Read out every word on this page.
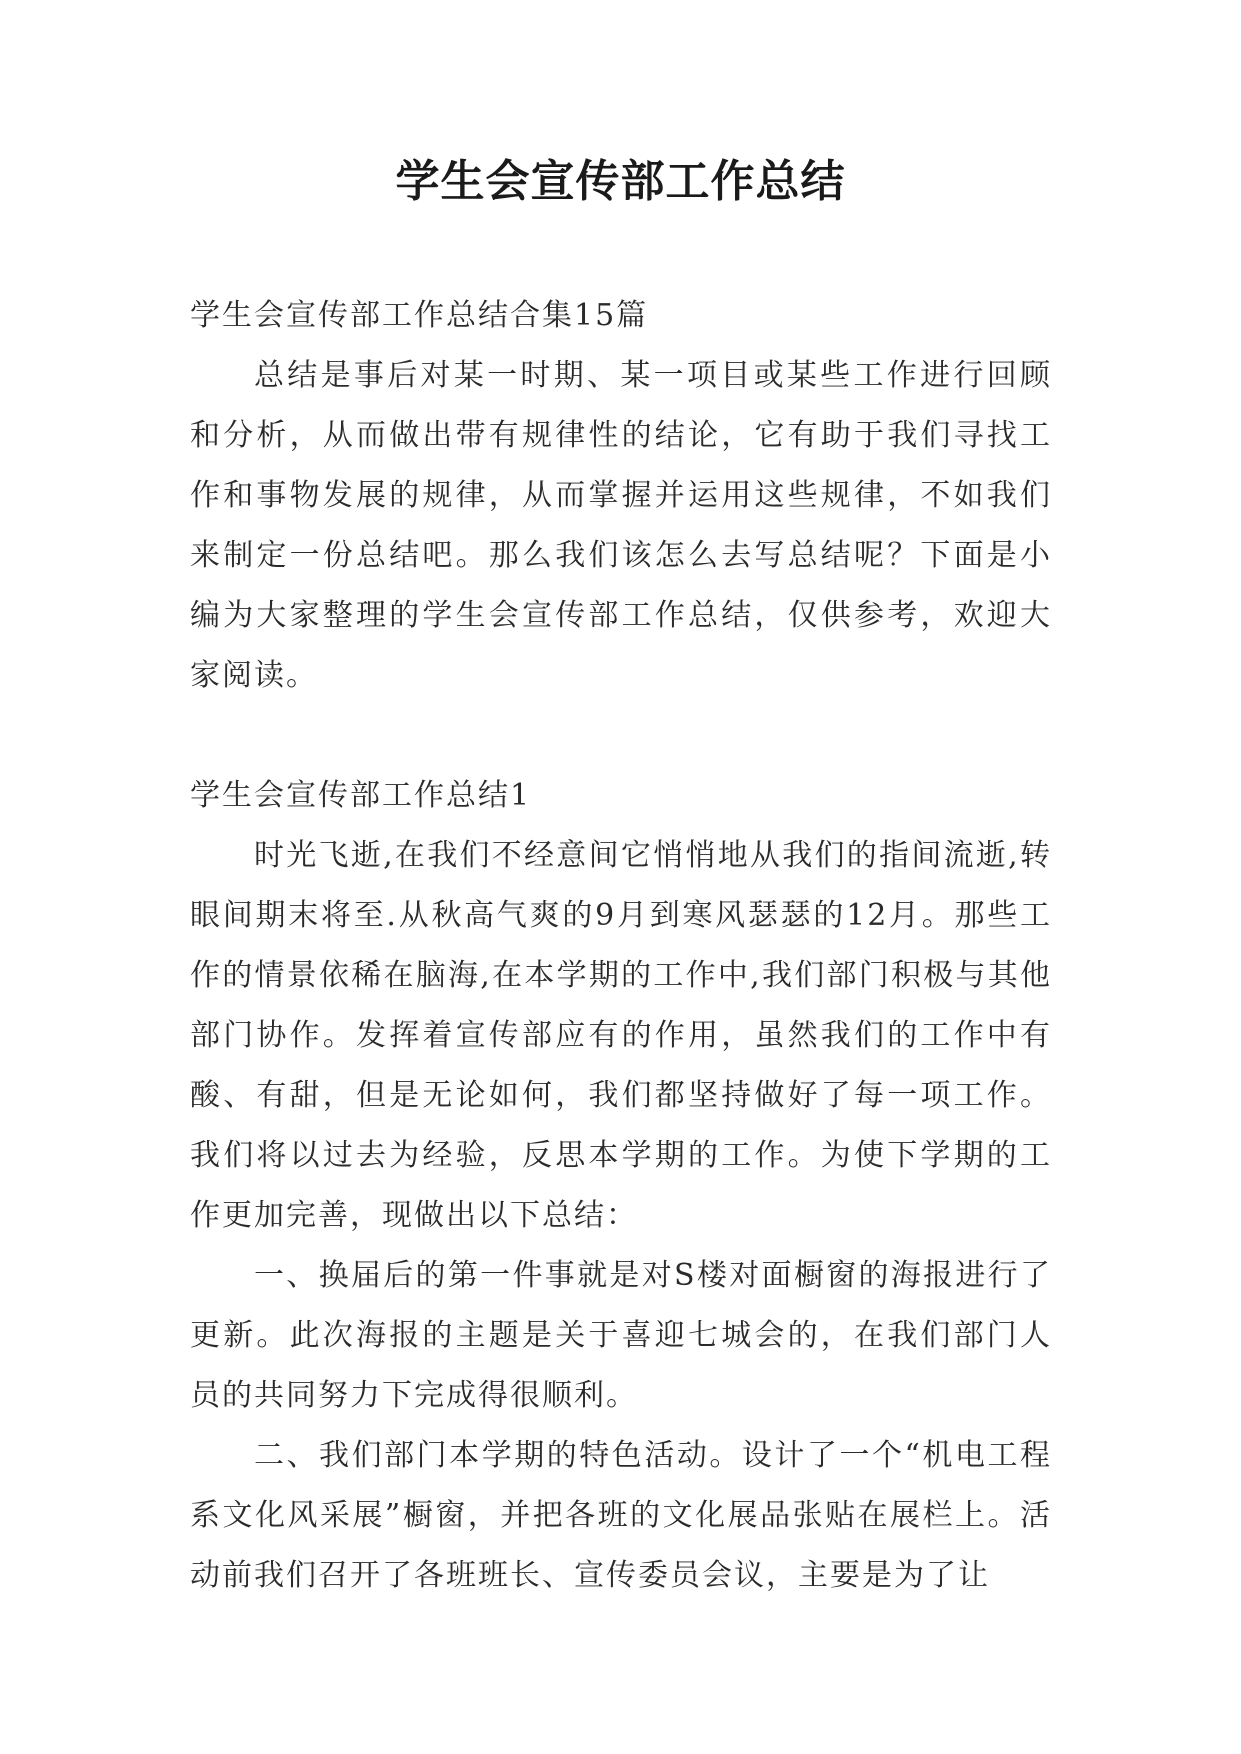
学生会宣传部工作总结

学生会宣传部工作总结合集15篇

总结是事后对某一时期、某一项目或某些工作进行回顾和分析，从而做出带有规律性的结论，它有助于我们寻找工作和事物发展的规律，从而掌握并运用这些规律，不如我们来制定一份总结吧。那么我们该怎么去写总结呢？下面是小编为大家整理的学生会宣传部工作总结，仅供参考，欢迎大家阅读。

学生会宣传部工作总结1

时光飞逝,在我们不经意间它悄悄地从我们的指间流逝,转眼间期末将至.从秋高气爽的9月到寒风瑟瑟的12月。那些工作的情景依稀在脑海,在本学期的工作中,我们部门积极与其他部门协作。发挥着宣传部应有的作用，虽然我们的工作中有酸、有甜，但是无论如何，我们都坚持做好了每一项工作。我们将以过去为经验，反思本学期的工作。为使下学期的工作更加完善，现做出以下总结：

一、换届后的第一件事就是对S楼对面橱窗的海报进行了更新。此次海报的主题是关于喜迎七城会的，在我们部门人员的共同努力下完成得很顺利。

二、我们部门本学期的特色活动。设计了一个“机电工程系文化风采展”橱窗，并把各班的文化展品张贴在展栏上。活动前我们召开了各班班长、宣传委员会议，主要是为了让
